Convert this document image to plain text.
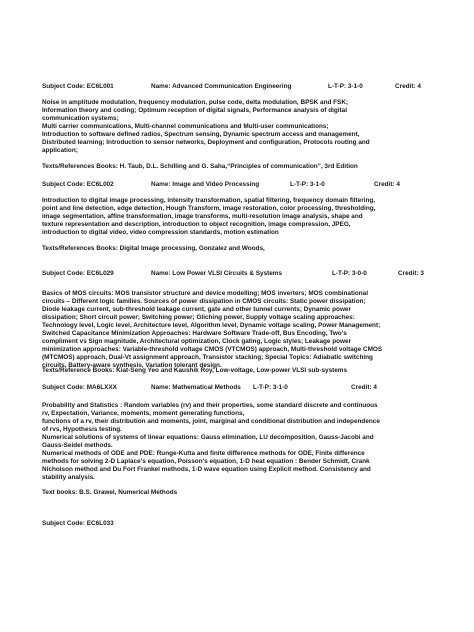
Subject Code: EC6L001	Name: Advanced Communication Engineering	L-T-P: 3-1-0	Credit: 4
Noise in amplitude modulation, frequency modulation, pulse code, delta modulation, BPSK and FSK;
Information theory and coding; Optimum reception of digital signals, Performance analysis of digital
communication systems;
Multi carrier communications, Multi-channel communications and Multi-user communications;
Introduction to software defined radios, Spectrum sensing, Dynamic spectrum access and management,
Distributed learning; Introduction to sensor networks, Deployment and configuration, Protocols routing and
application;
Texts/References Books: H. Taub, D.L. Schilling and G. Saha,“Principles of communication”, 3rd Edition
Subject Code: EC6L002	Name: Image and Video Processing	L-T-P: 3-1-0	Credit: 4
Introduction to digital image processing, intensity transformation, spatial filtering, frequency domain filtering,
point and line detection, edge detection, Hough Transform, image restoration, color processing, thresholding,
image segmentation, affine transformation, image transforms, multi-resolution image analysis, shape and
texture representation and description, introduction to object recognition, image compression, JPEG,
introduction to digital video, video compression standards, motion estimation
Texts/References Books: Digital Image processing, Gonzalez and Woods,
Subject Code: EC6L029	Name: Low Power VLSI Circuits & Systems	L-T-P: 3-0-0	Credit: 3
Basics of MOS circuits: MOS transistor structure and device modelling; MOS inverters; MOS combinational
circuits – Different logic families. Sources of power dissipation in CMOS circuits: Static power dissipation;
Diode leakage current, sub-threshold leakage current, gate and other tunnel currents; Dynamic power
dissipation; Short circuit power; Switching power; Gliching power, Supply voltage scaling approaches:
Technology level, Logic level, Architecture level, Algorithm level, Dynamic voltage scaling, Power Management;
Switched Capacitance Minimization Approaches: Hardware Software Trade-off, Bus Encoding, Two's
compliment vs Sign magnitude, Architectural optimization, Clock gating, Logic styles; Leakage power
minimization approaches: Variable-threshold voltage CMOS (VTCMOS) approach, Multi-threshold voltage CMOS
(MTCMOS) approach, Dual-Vt assignment approach, Transistor stacking; Special Topics: Adiabatic switching
circuits, Battery-aware synthesis, Variation tolerant design.
Texts/Reference Books: Kiat-Seng Yeo and Kaushik Roy, Low-voltage, Low-power VLSI sub-systems
Subject Code: MA6LXXX	Name: Mathematical Methods L-T-P: 3-1-0	Credit: 4
Probability and Statistics : Random variables (rv) and their properties, some standard discrete and continuous
rv, Expectation, Variance, moments, moment generating functions,
functions of a rv, their distribution and moments, joint, marginal and conditional distribution and independence
of rvs, Hypothesis testing.
Numerical solutions of systems of linear equations: Gauss elimination, LU decomposition, Gauss-Jacobi and
Gauss-Seidel methods.
Numerical methods of ODE and PDE: Runge-Kutta and finite difference methods for ODE, Finite difference
methods for solving 2-D Laplace's equation, Poisson's equation, 1-D heat equation : Bender Schmidt, Crank
Nicholson method and Du Fort Frankel methods, 1-D wave equation using Explicit method. Consistency and
stability analysis.
Text books: B.S. Grawel, Numerical Methods
Subject Code: EC6L033
